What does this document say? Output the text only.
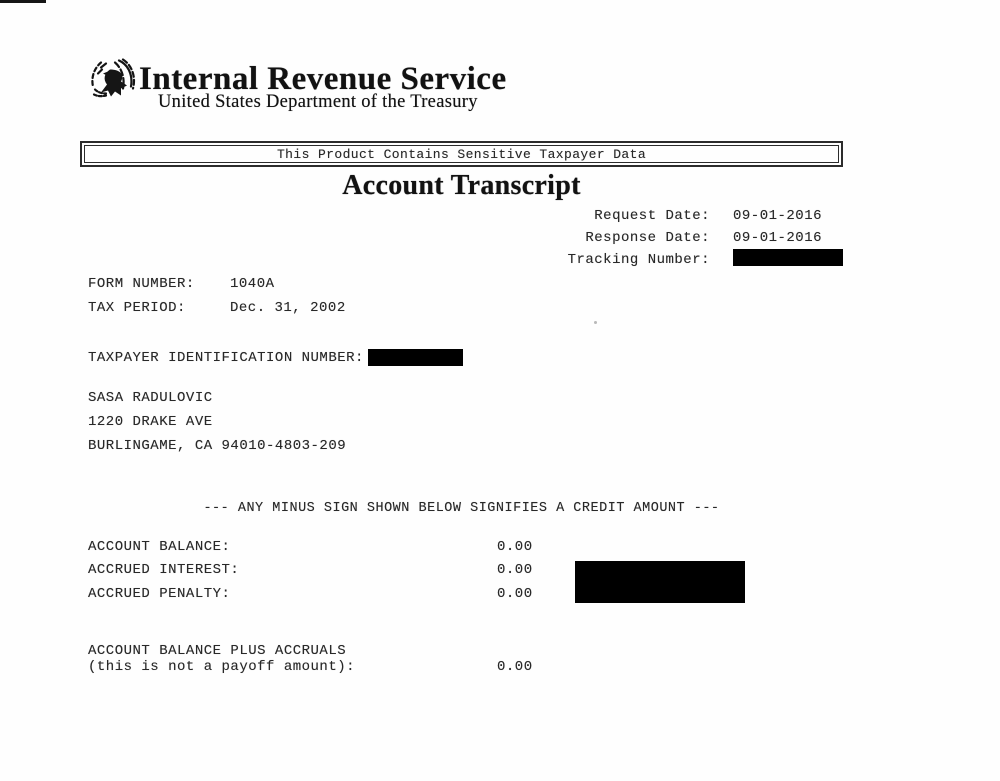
Internal Revenue Service
United States Department of the Treasury
This Product Contains Sensitive Taxpayer Data
Account Transcript
Request Date: 09-01-2016
Response Date: 09-01-2016
Tracking Number:
FORM NUMBER:	1040A
TAX PERIOD:	Dec. 31, 2002
TAXPAYER IDENTIFICATION NUMBER:
SASA RADULOVIC
1220 DRAKE AVE
BURLINGAME, CA 94010-4803-209
--- ANY MINUS SIGN SHOWN BELOW SIGNIFIES A CREDIT AMOUNT ---
ACCOUNT BALANCE:	0.00
ACCRUED INTEREST:	0.00
ACCRUED PENALTY:	0.00
ACCOUNT BALANCE PLUS ACCRUALS
(this is not a payoff amount):	0.00
